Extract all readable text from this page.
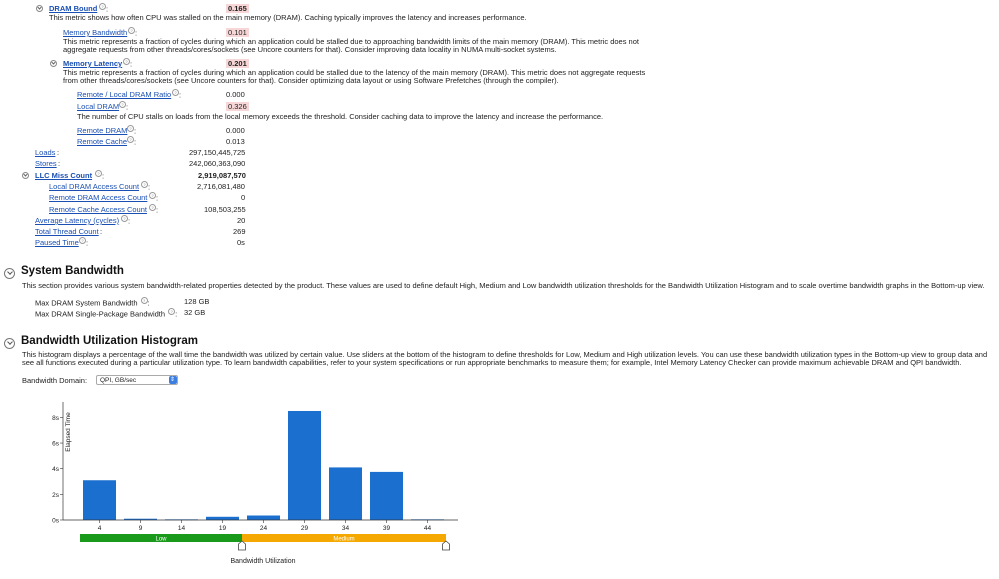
DRAM Bound	? :	0.165
This metric shows how often CPU was stalled on the main memory (DRAM). Caching typically improves the latency and increases performance.
Memory Bandwidth ? :	0.101
This metric represents a fraction of cycles during which an application could be stalled due to approaching bandwidth limits of the main memory (DRAM). This metric does not aggregate requests from other threads/cores/sockets (see Uncore counters for that). Consider improving data locality in NUMA multi-socket systems.
Memory Latency ? :	0.201
This metric represents a fraction of cycles during which an application could be stalled due to the latency of the main memory (DRAM). This metric does not aggregate requests from other threads/cores/sockets (see Uncore counters for that). Consider optimizing data layout or using Software Prefetches (through the compiler).
Remote / Local DRAM Ratio ? :	0.000
Local DRAM ? :	0.326
The number of CPU stalls on loads from the local memory exceeds the threshold. Consider caching data to improve the latency and increase the performance.
Remote DRAM ? :	0.000
Remote Cache ? :	0.013
Loads :	297,150,445,725
Stores :	242,060,363,090
LLC Miss Count	? :	2,919,087,570
Local DRAM Access Count	? :	2,716,081,480
Remote DRAM Access Count	? :	0
Remote Cache Access Count	? :	108,503,255
Average Latency (cycles)	? :	20
Total Thread Count :	269
Paused Time ? :	0s
System Bandwidth
This section provides various system bandwidth-related properties detected by the product. These values are used to define default High, Medium and Low bandwidth utilization thresholds for the Bandwidth Utilization Histogram and to scale overtime bandwidth graphs in the Bottom-up view.
Max DRAM System Bandwidth ? :	128 GB
Max DRAM Single-Package Bandwidth ? : 32 GB
Bandwidth Utilization Histogram
This histogram displays a percentage of the wall time the bandwidth was utilized by certain value. Use sliders at the bottom of the histogram to define thresholds for Low, Medium and High utilization levels. You can use these bandwidth utilization types in the Bottom-up view to group data and see all functions executed during a particular utilization type. To learn bandwidth capabilities, refer to your system specifications or run appropriate benchmarks to measure them; for example, Intel Memory Latency Checker can provide maximum achievable DRAM and QPI bandwidth.
Bandwidth Domain:	QPI, GB/sec
⇕
4	9	14	19	24	29	34	39	44
0s
2s
4s
6s
8s
Low	Medium
Bandwidth Utilization
Elapsed Time
